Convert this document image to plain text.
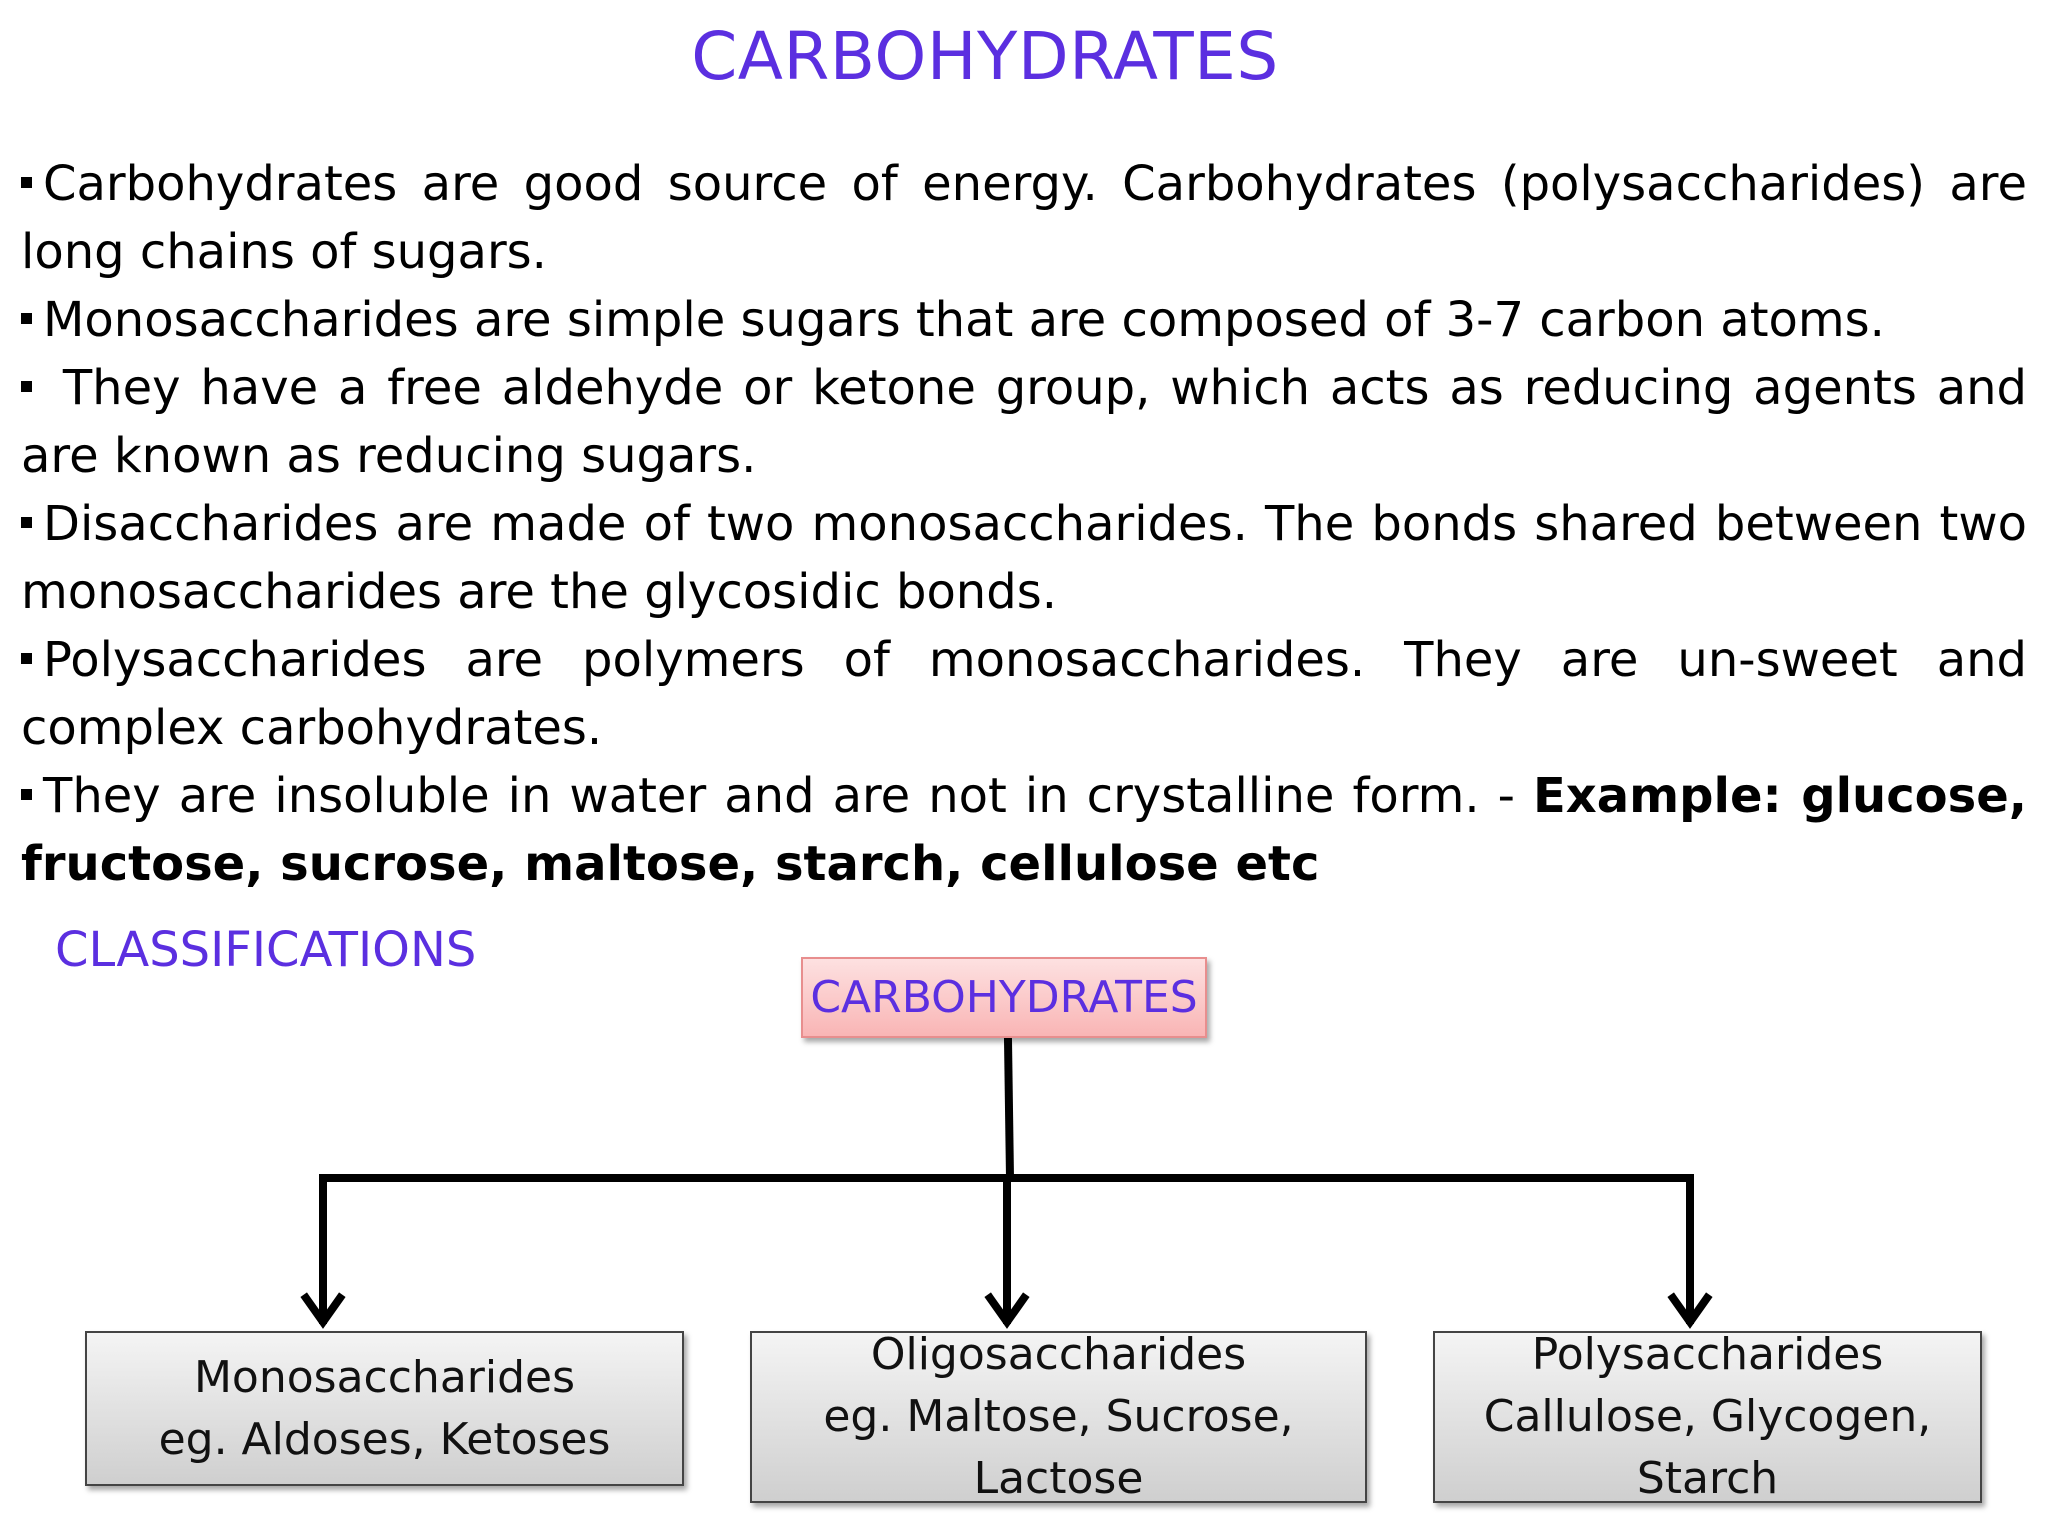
CARBOHYDRATES

Carbohydrates are good source of energy. Carbohydrates (polysaccharides) are long chains of sugars.

Monosaccharides are simple sugars that are composed of 3-7 carbon atoms.

They have a free aldehyde or ketone group, which acts as reducing agents and are known as reducing sugars.

Disaccharides are made of two monosaccharides. The bonds shared between two monosaccharides are the glycosidic bonds.

Polysaccharides are polymers of monosaccharides. They are un-sweet and complex carbohydrates.

They are insoluble in water and are not in crystalline form. - Example: glucose, fructose, sucrose, maltose, starch, cellulose etc

CLASSIFICATIONS
CARBOHYDRATES
Monosaccharides
eg. Aldoses, Ketoses
Oligosaccharides
eg. Maltose, Sucrose,
Lactose
Polysaccharides
Callulose, Glycogen,
Starch
